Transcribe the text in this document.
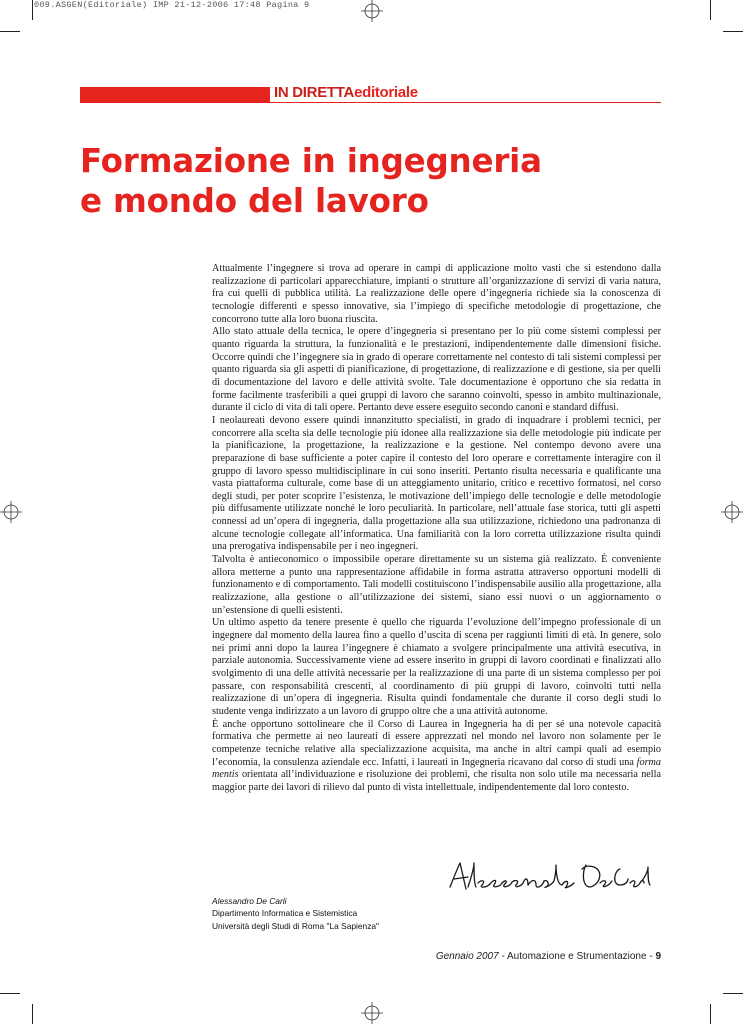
009.ASGEN(Editoriale) IMP 21-12-2006 17:48 Pagina 9
IN DIRETTAeditoriale
Formazione in ingegneria
e mondo del lavoro

Attualmente l’ingegnere si trova ad operare in campi di applicazione molto vasti che si estendono dalla realizzazione di particolari apparecchiature, impianti o strutture all’organizzazione di servizi di varia natura, fra cui quelli di pubblica utilità. La realizzazione delle opere d’ingegneria richiede sia la conoscenza di tecnologie differenti e spesso innovative, sia l’impiego di specifiche metodologie di progettazione, che concorrono tutte alla loro buona riuscita.

Allo stato attuale della tecnica, le opere d’ingegneria si presentano per lo più come sistemi complessi per quanto riguarda la struttura, la funzionalità e le prestazioni, indipendentemente dalle dimensioni fisiche. Occorre quindi che l’ingegnere sia in grado di operare correttamente nel contesto di tali sistemi complessi per quanto riguarda sia gli aspetti di pianificazione, di progettazione, di realizzazione e di gestione, sia per quelli di documentazione del lavoro e delle attività svolte. Tale documentazione è opportuno che sia redatta in forme facilmente trasferibili a quei gruppi di lavoro che saranno coinvolti, spesso in ambito multinazionale, durante il ciclo di vita di tali opere. Pertanto deve essere eseguito secondo canoni e standard diffusi.

I neolaureati devono essere quindi innanzitutto specialisti, in grado di inquadrare i problemi tecnici, per concorrere alla scelta sia delle tecnologie più idonee alla realizzazione sia delle metodologie più indicate per la pianificazione, la progettazione, la realizzazione e la gestione. Nel contempo devono avere una preparazione di base sufficiente a poter capire il contesto del loro operare e correttamente interagire con il gruppo di lavoro spesso multidisciplinare in cui sono inseriti. Pertanto risulta necessaria e qualificante una vasta piattaforma culturale, come base di un atteggiamento unitario, critico e recettivo formatosi, nel corso degli studi, per poter scoprire l’esistenza, le motivazione dell’impiego delle tecnologie e delle metodologie più diffusamente utilizzate nonché le loro peculiarità. In particolare, nell’attuale fase storica, tutti gli aspetti connessi ad un’opera di ingegneria, dalla progettazione alla sua utilizzazione, richiedono una padronanza di alcune tecnologie collegate all’informatica. Una familiarità con la loro corretta utilizzazione risulta quindi una prerogativa indispensabile per i neo ingegneri.

Talvolta è antieconomico o impossibile operare direttamente su un sistema già realizzato. È conveniente allora metterne a punto una rappresentazione affidabile in forma astratta attraverso opportuni modelli di funzionamento e di comportamento. Tali modelli costituiscono l’indispensabile ausilio alla progettazione, alla realizzazione, alla gestione o all’utilizzazione dei sistemi, siano essi nuovi o un aggiornamento o un’estensione di quelli esistenti.

Un ultimo aspetto da tenere presente è quello che riguarda l’evoluzione dell’impegno professionale di un ingegnere dal momento della laurea fino a quello d’uscita di scena per raggiunti limiti di età. In genere, solo nei primi anni dopo la laurea l’ingegnere è chiamato a svolgere principalmente una attività esecutiva, in parziale autonomia. Successivamente viene ad essere inserito in gruppi di lavoro coordinati e finalizzati allo svolgimento di una delle attività necessarie per la realizzazione di una parte di un sistema complesso per poi passare, con responsabilità crescenti, al coordinamento di più gruppi di lavoro, coinvolti tutti nella realizzazione di un’opera di ingegneria. Risulta quindi fondamentale che durante il corso degli studi lo studente venga indirizzato a un lavoro di gruppo oltre che a una attività autonome.

È anche opportuno sottolineare che il Corso di Laurea in Ingegneria ha di per sé una notevole capacità formativa che permette ai neo laureati di essere apprezzati nel mondo nel lavoro non solamente per le competenze tecniche relative alla specializzazione acquisita, ma anche in altri campi quali ad esempio l’economia, la consulenza aziendale ecc. Infatti, i laureati in Ingegneria ricavano dal corso di studi una forma mentis orientata all’individuazione e risoluzione dei problemi, che risulta non solo utile ma necessaria nella maggior parte dei lavori di rilievo dal punto di vista intellettuale, indipendentemente dal loro contesto.

Alessandro De Carli
Dipartimento Informatica e Sistemistica
Università degli Studi di Roma "La Sapienza"
Gennaio 2007 - Automazione e Strumentazione - 9
